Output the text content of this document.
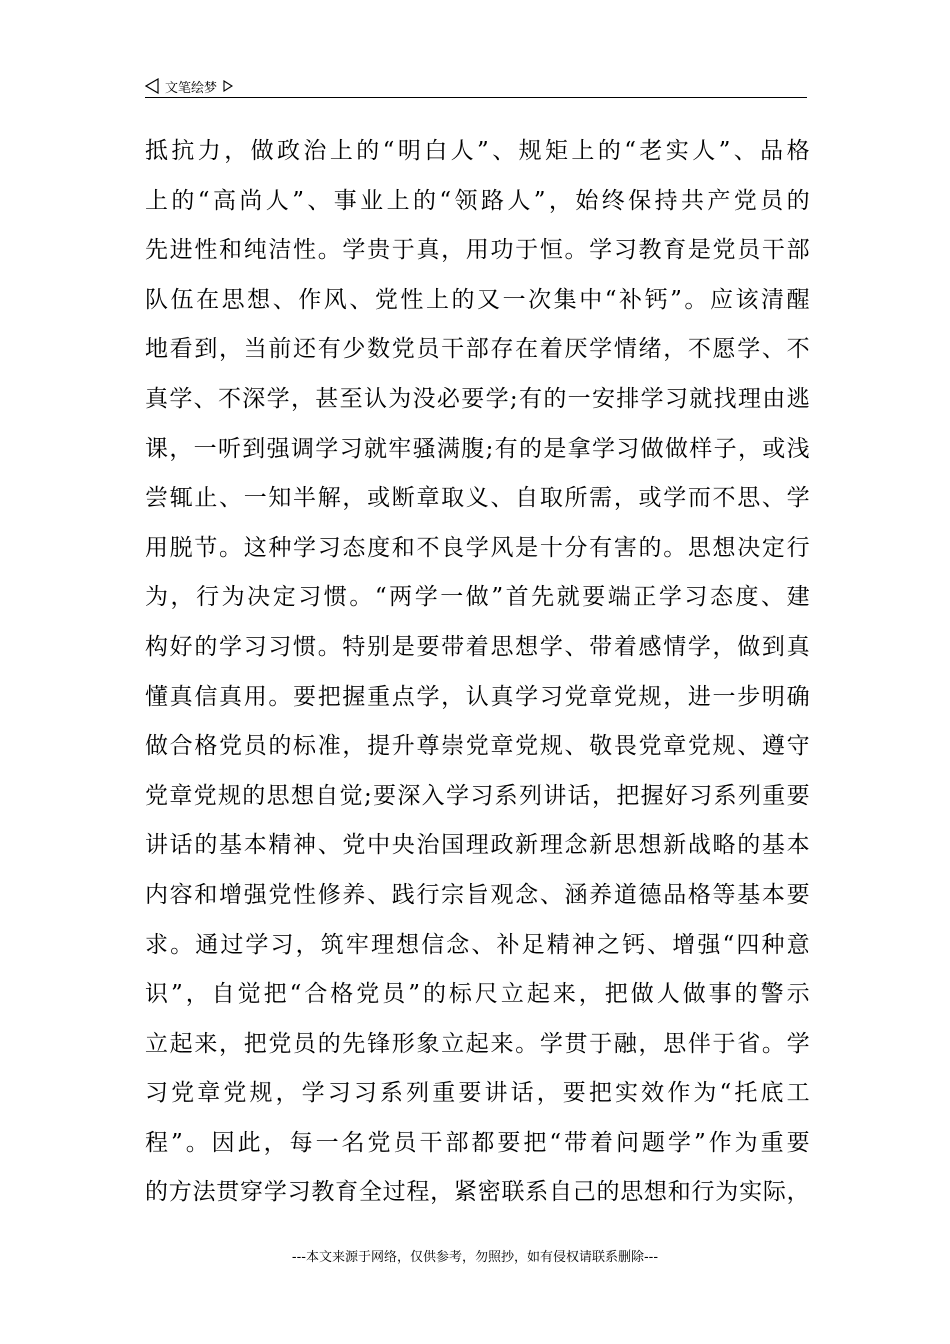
文笔绘梦
抵抗力，做政治上的“明白人”、规矩上的“老实人”、品格
上的“高尚人”、事业上的“领路人”，始终保持共产党员的
先进性和纯洁性。学贵于真，用功于恒。学习教育是党员干部
队伍在思想、作风、党性上的又一次集中“补钙”。应该清醒
地看到，当前还有少数党员干部存在着厌学情绪，不愿学、不
真学、不深学，甚至认为没必要学;有的一安排学习就找理由逃
课，一听到强调学习就牢骚满腹;有的是拿学习做做样子，或浅
尝辄止、一知半解，或断章取义、自取所需，或学而不思、学
用脱节。这种学习态度和不良学风是十分有害的。思想决定行
为，行为决定习惯。“两学一做”首先就要端正学习态度、建
构好的学习习惯。特别是要带着思想学、带着感情学，做到真
懂真信真用。要把握重点学，认真学习党章党规，进一步明确
做合格党员的标准，提升尊崇党章党规、敬畏党章党规、遵守
党章党规的思想自觉;要深入学习系列讲话，把握好习系列重要
讲话的基本精神、党中央治国理政新理念新思想新战略的基本
内容和增强党性修养、践行宗旨观念、涵养道德品格等基本要
求。通过学习，筑牢理想信念、补足精神之钙、增强“四种意
识”，自觉把“合格党员”的标尺立起来，把做人做事的警示
立起来，把党员的先锋形象立起来。学贯于融，思伴于省。学
习党章党规，学习习系列重要讲话，要把实效作为“托底工
程”。因此，每一名党员干部都要把“带着问题学”作为重要
的方法贯穿学习教育全过程，紧密联系自己的思想和行为实际，
---本文来源于网络，仅供参考，勿照抄，如有侵权请联系删除---
